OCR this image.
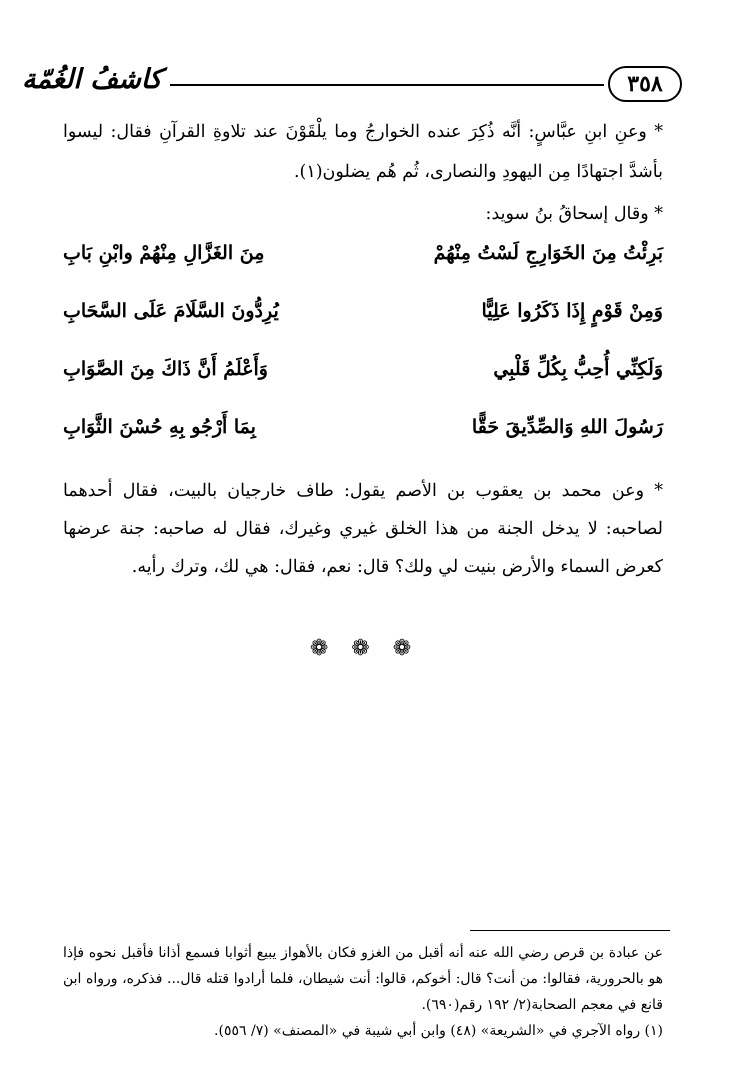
كاشفُ الغُمّة	٣٥٨
* وعنِ ابنِ عبَّاسٍ: أنَّه ذُكِرَ عنده الخوارجُ وما يلْقَوْنَ عند تلاوةِ القرآنِ فقال: ليسوا بأشدَّ اجتهادًا مِن اليهودِ والنصارى، ثُم هُم يضلون(١).
* وقال إسحاقُ بنُ سويد:
بَرِئْتُ مِنَ الخَوَارِجِ لَسْتُ مِنْهُمْ
مِنَ الغَزَّالِ مِنْهُمْ وابْنِ بَابِ
وَمِنْ قَوْمٍ إِذَا ذَكَرُوا عَلِيًّا
يُرِدُّونَ السَّلَامَ عَلَى السَّحَابِ
وَلَكِنِّي أُحِبُّ بِكُلِّ قَلْبِي
وَأَعْلَمُ أَنَّ ذَاكَ مِنَ الصَّوَابِ
رَسُولَ اللهِ وَالصِّدِّيقَ حَقًّا
بِمَا أَرْجُو بِهِ حُسْنَ الثَّوَابِ
* وعن محمد بن يعقوب بن الأصم يقول: طاف خارجيان بالبيت، فقال أحدهما لصاحبه: لا يدخل الجنة من هذا الخلق غيري وغيرك، فقال له صاحبه: جنة عرضها كعرض السماء والأرض بنيت لي ولك؟ قال: نعم، فقال: هي لك، وترك رأيه.
❁ ❁ ❁

عن عبادة بن قرص رضي الله عنه أنه أقبل من الغزو فكان بالأهواز يبيع أثوابا فسمع أذانا فأقبل نحوه فإذا هو بالحرورية، فقالوا: من أنت؟ قال: أخوكم، قالوا: أنت شيطان، فلما أرادوا قتله قال... فذكره، ورواه ابن قانع في معجم الصحابة(٢/ ١٩٢ رقم(٦٩٠).

(١) رواه الآجري في «الشريعة» (٤٨) وابن أبي شيبة في «المصنف» (٧/ ٥٥٦).
